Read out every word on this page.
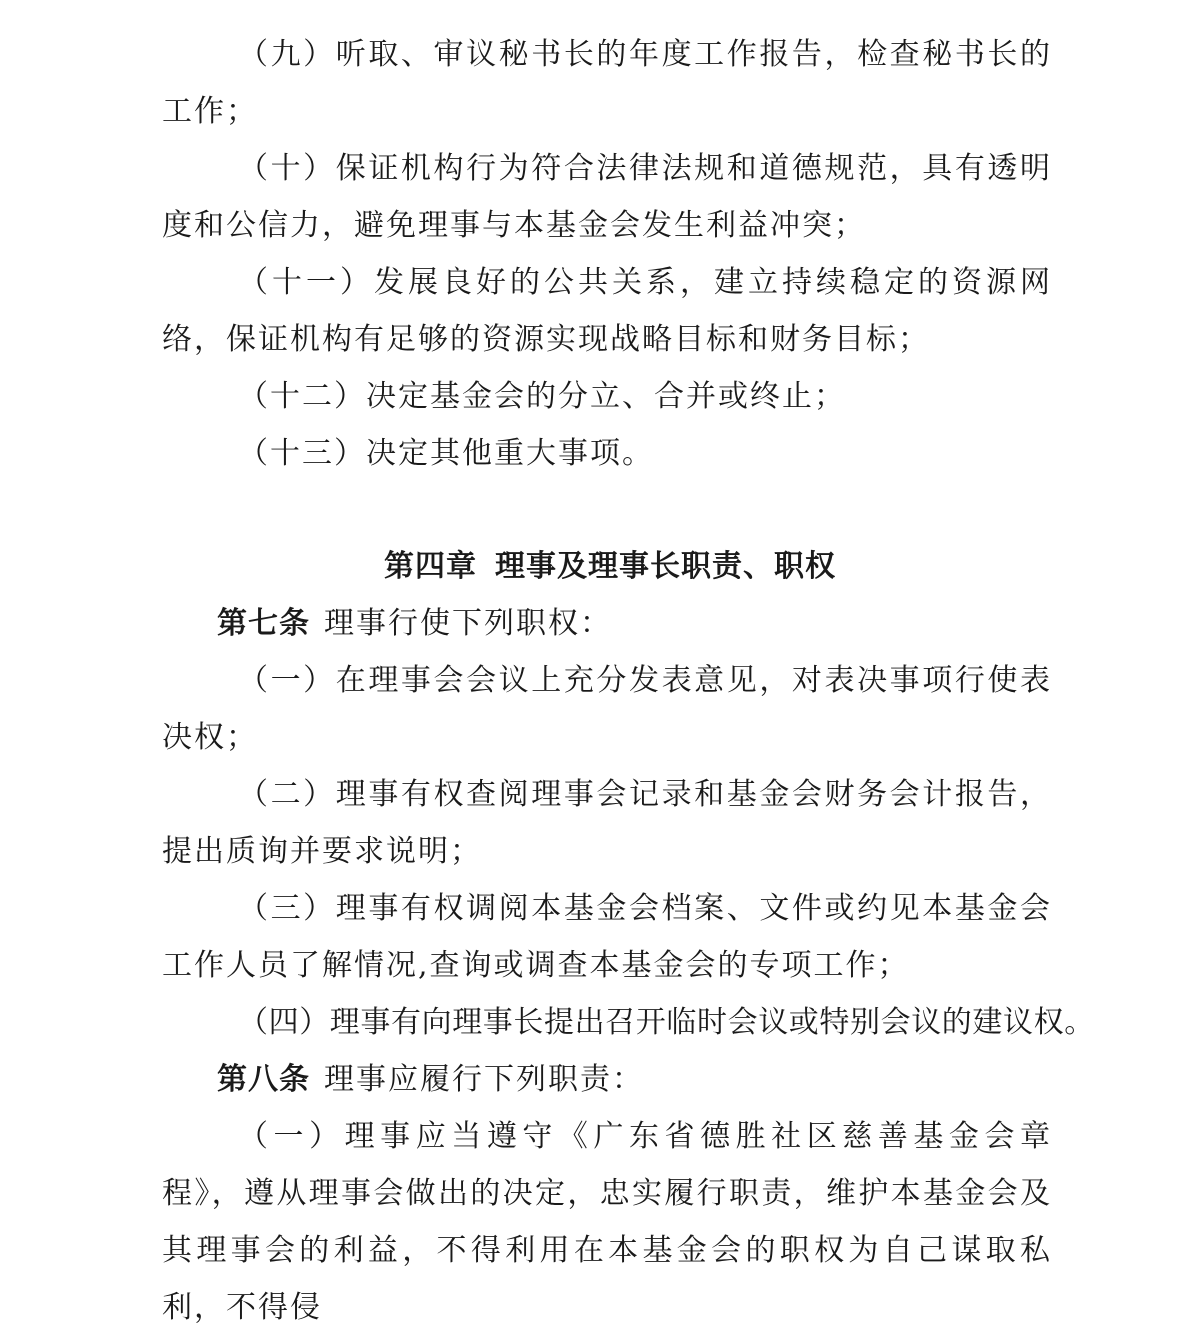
（九）听取、审议秘书长的年度工作报告，检查秘书长的工作；

（十）保证机构行为符合法律法规和道德规范，具有透明度和公信力，避免理事与本基金会发生利益冲突；

（十一）发展良好的公共关系，建立持续稳定的资源网络，保证机构有足够的资源实现战略目标和财务目标；

（十二）决定基金会的分立、合并或终止；

（十三）决定其他重大事项。

第四章 理事及理事长职责、职权

第七条 理事行使下列职权：

（一）在理事会会议上充分发表意见，对表决事项行使表决权；

（二）理事有权查阅理事会记录和基金会财务会计报告，提出质询并要求说明；

（三）理事有权调阅本基金会档案、文件或约见本基金会工作人员了解情况,查询或调查本基金会的专项工作；

（四）理事有向理事长提出召开临时会议或特别会议的建议权。

第八条 理事应履行下列职责：

（一）理事应当遵守《广东省德胜社区慈善基金会章程》，遵从理事会做出的决定，忠实履行职责，维护本基金会及其理事会的利益，不得利用在本基金会的职权为自己谋取私利，不得侵
